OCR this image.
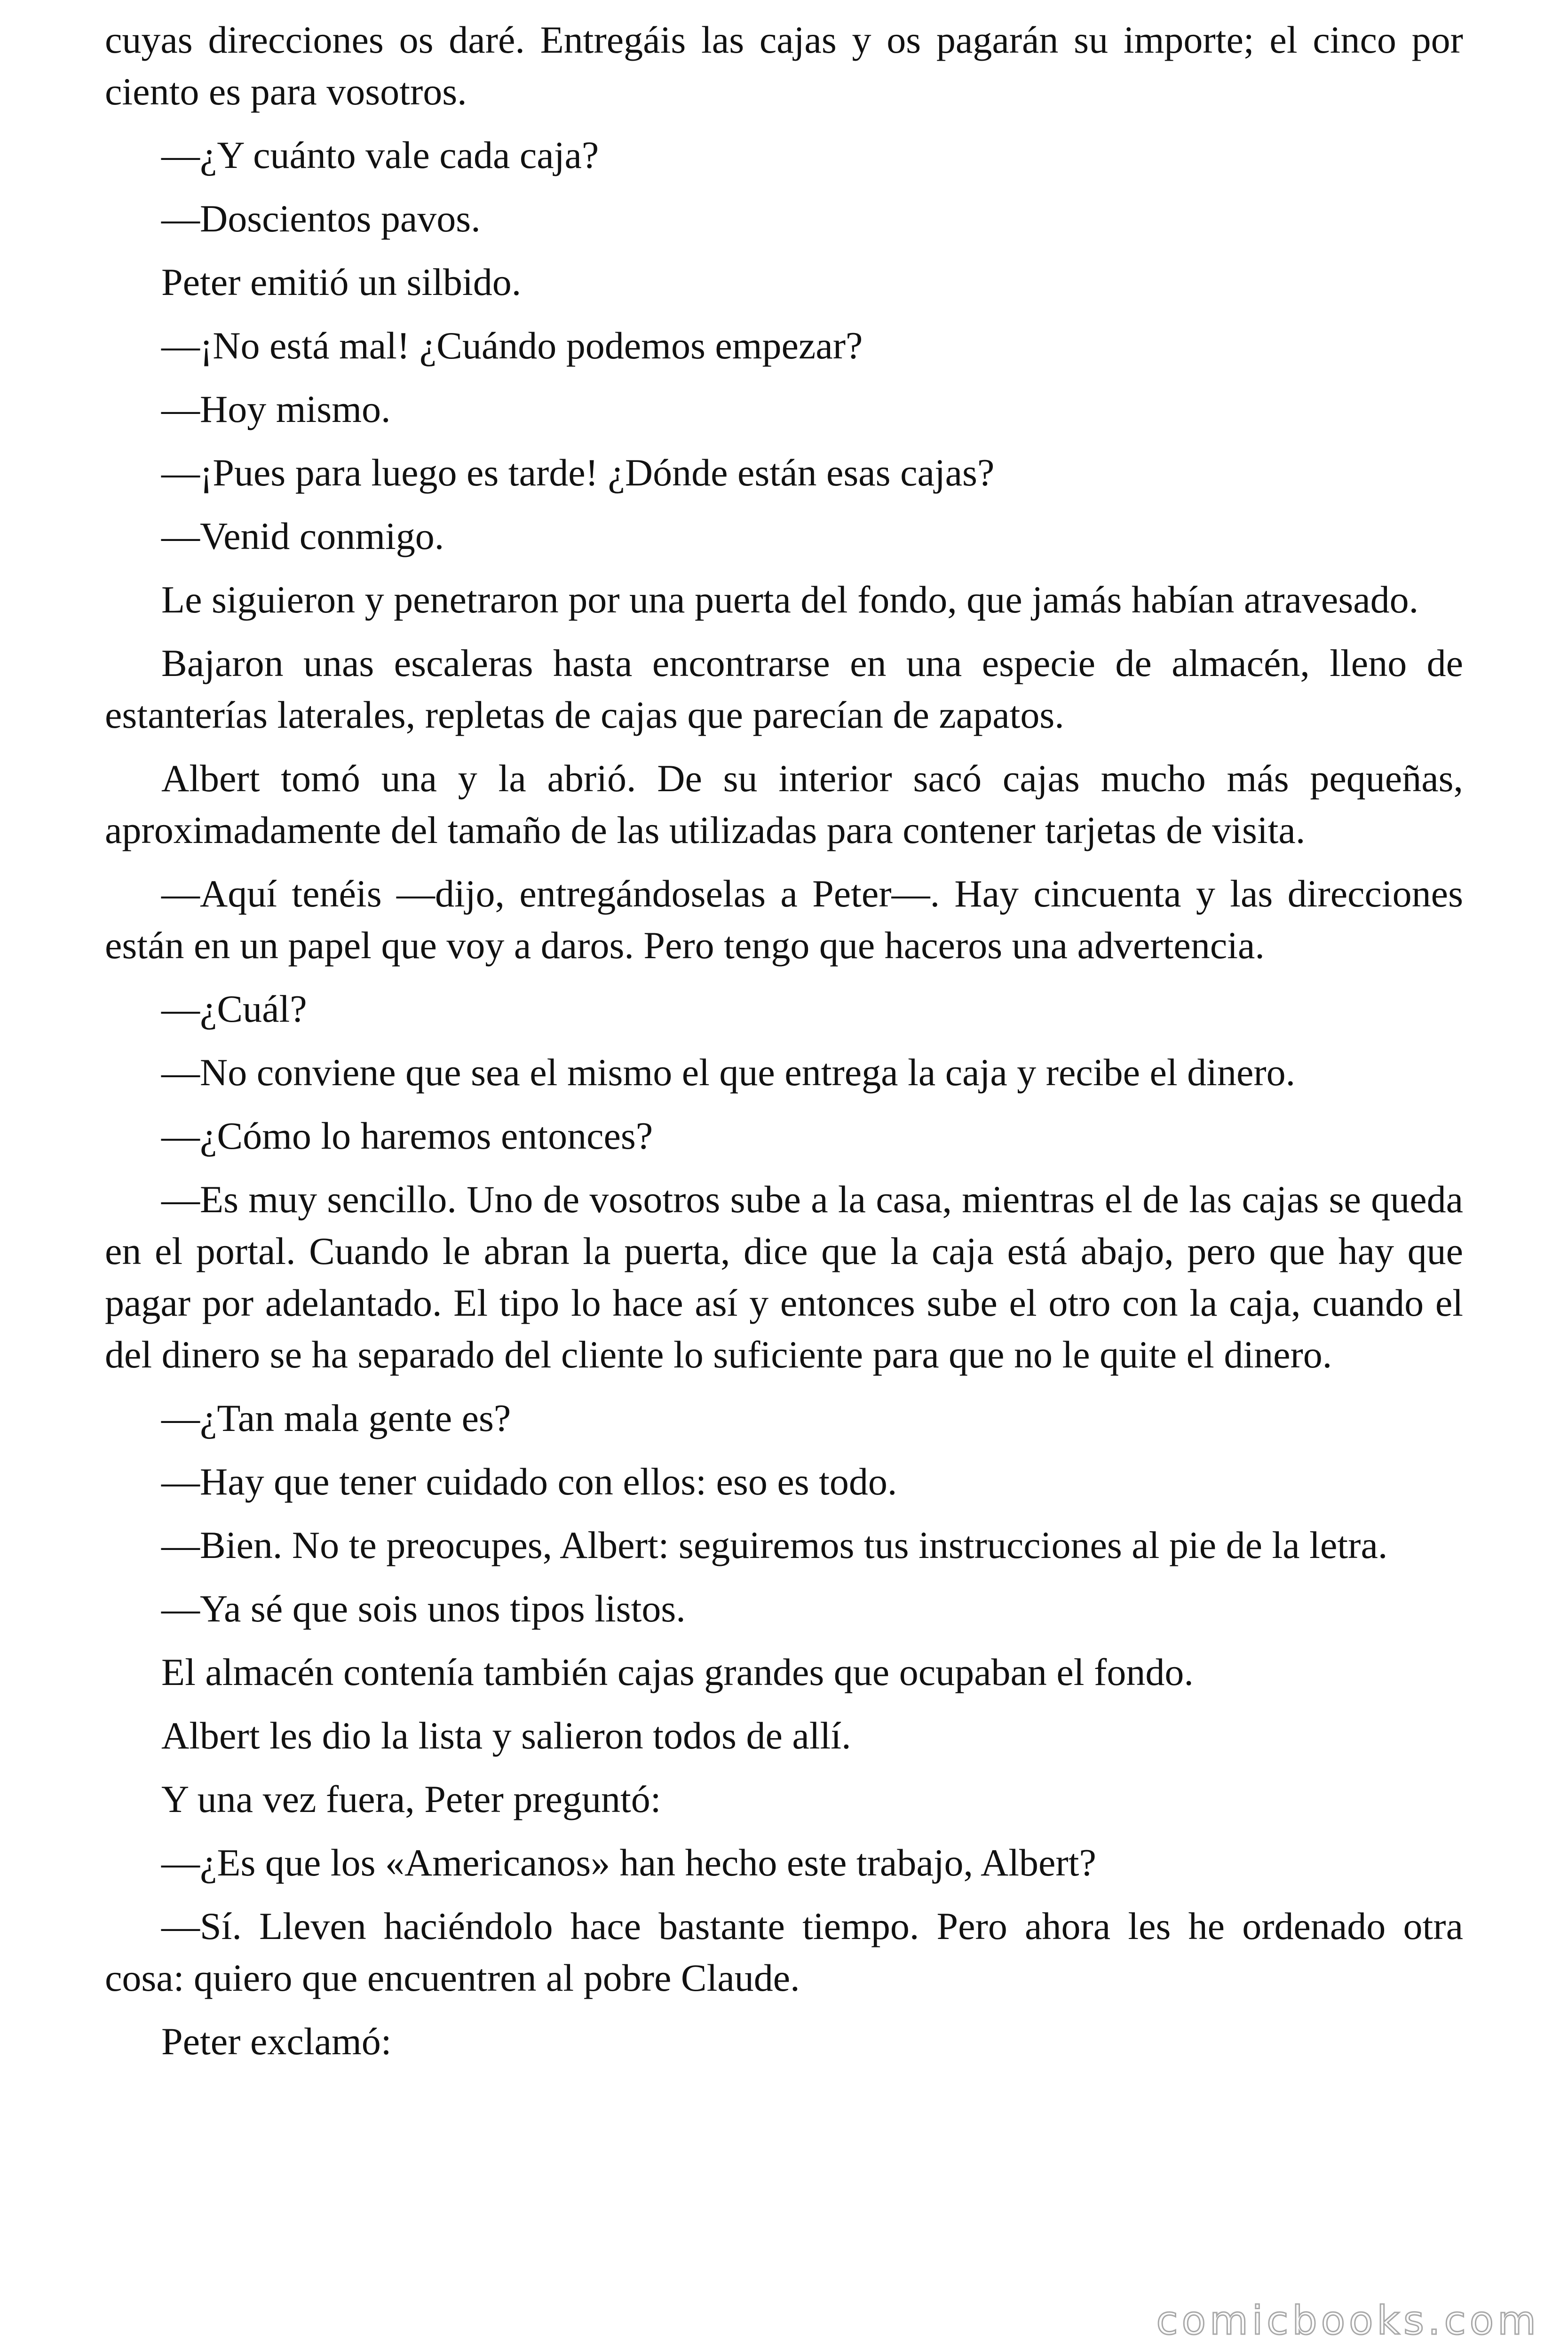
cuyas direcciones os daré. Entregáis las cajas y os pagarán su importe; el cinco por ciento es para vosotros.

—¿Y cuánto vale cada caja?

—Doscientos pavos.

Peter emitió un silbido.

—¡No está mal! ¿Cuándo podemos empezar?

—Hoy mismo.

—¡Pues para luego es tarde! ¿Dónde están esas cajas?

—Venid conmigo.

Le siguieron y penetraron por una puerta del fondo, que jamás habían atravesado.

Bajaron unas escaleras hasta encontrarse en una especie de almacén, lleno de estanterías laterales, repletas de cajas que parecían de zapatos.

Albert tomó una y la abrió. De su interior sacó cajas mucho más pequeñas, aproximadamente del tamaño de las utilizadas para contener tarjetas de visita.

—Aquí tenéis —dijo, entregándoselas a Peter—. Hay cincuenta y las direcciones están en un papel que voy a daros. Pero tengo que haceros una advertencia.

—¿Cuál?

—No conviene que sea el mismo el que entrega la caja y recibe el dinero.

—¿Cómo lo haremos entonces?

—Es muy sencillo. Uno de vosotros sube a la casa, mientras el de las cajas se queda en el portal. Cuando le abran la puerta, dice que la caja está abajo, pero que hay que pagar por adelantado. El tipo lo hace así y entonces sube el otro con la caja, cuando el del dinero se ha separado del cliente lo suficiente para que no le quite el dinero.

—¿Tan mala gente es?

—Hay que tener cuidado con ellos: eso es todo.

—Bien. No te preocupes, Albert: seguiremos tus instrucciones al pie de la letra.

—Ya sé que sois unos tipos listos.

El almacén contenía también cajas grandes que ocupaban el fondo.

Albert les dio la lista y salieron todos de allí.

Y una vez fuera, Peter preguntó:

—¿Es que los «Americanos» han hecho este trabajo, Albert?

—Sí. Lleven haciéndolo hace bastante tiempo. Pero ahora les he ordenado otra cosa: quiero que encuentren al pobre Claude.

Peter exclamó:

comicbooks.com
